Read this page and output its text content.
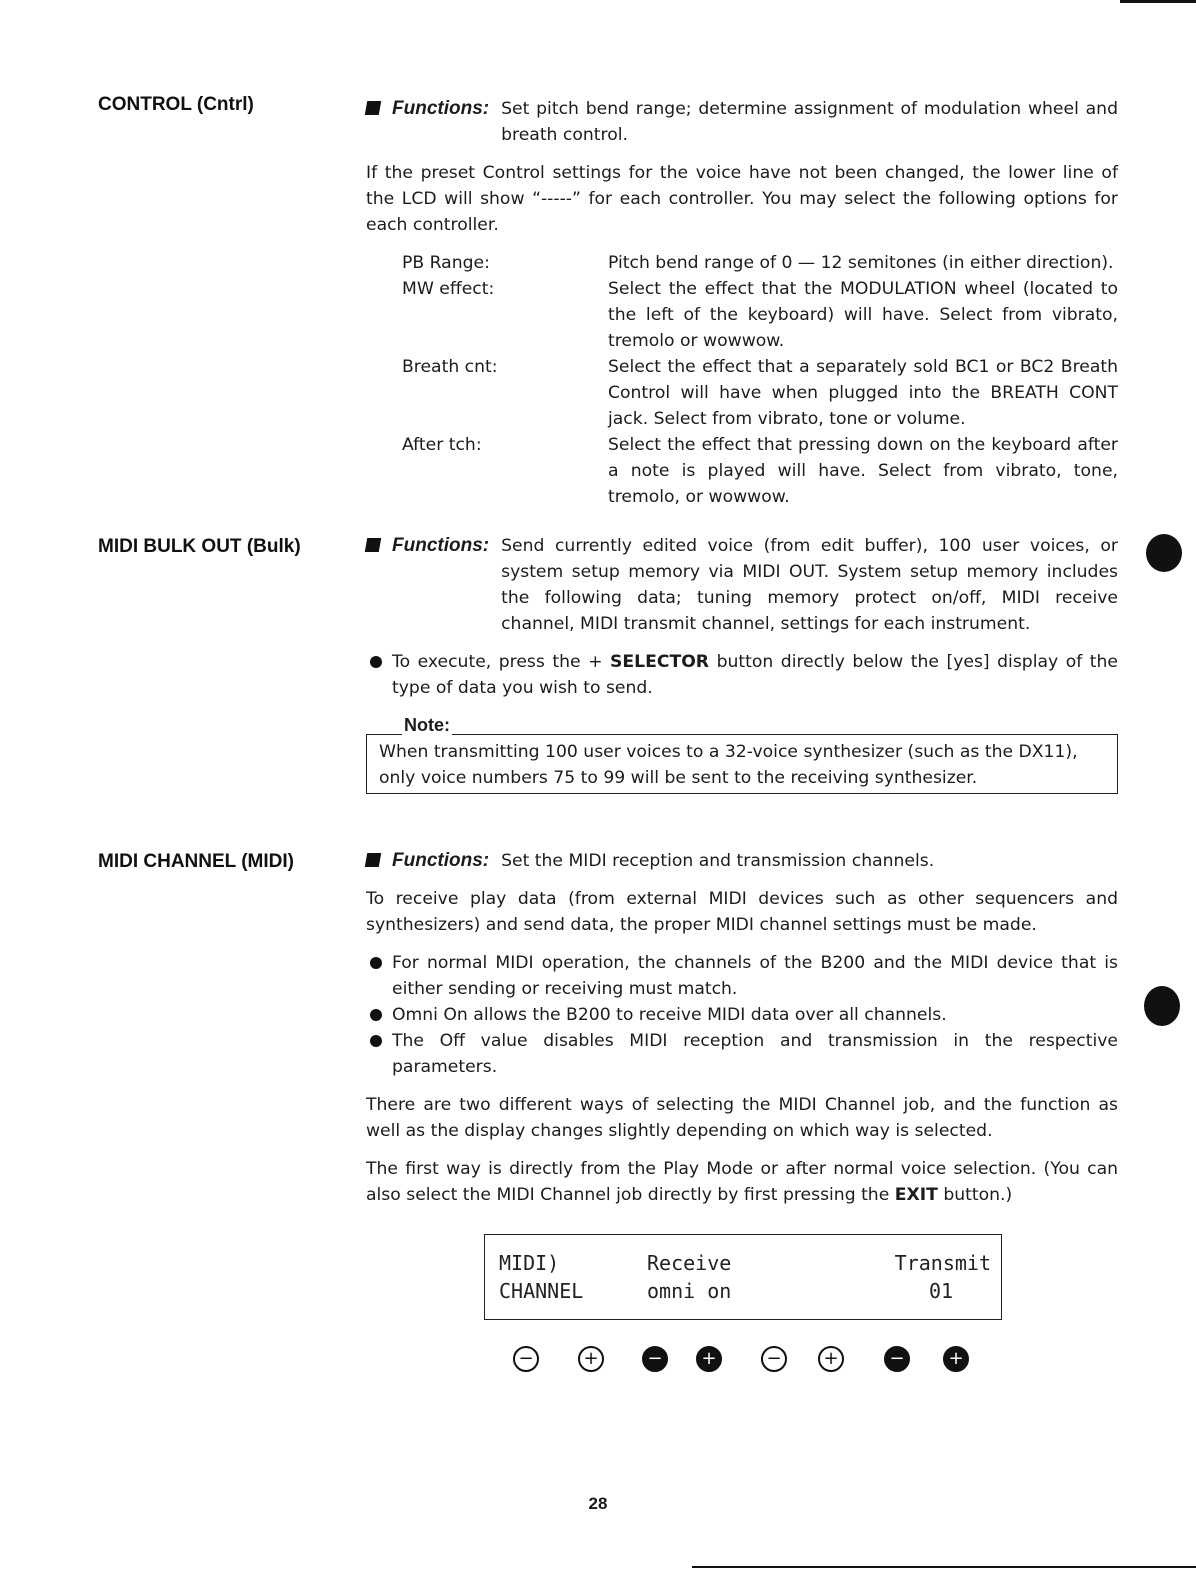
CONTROL (Cntrl)	Functions: Set pitch bend range; determine assignment of modulation wheel and breath control.

If the preset Control settings for the voice have not been changed, the lower line of the LCD will show “-----” for each controller. You may select the following options for each controller.

PB Range:	Pitch bend range of 0 — 12 semitones (in either direction).
MW effect:	Select the effect that the MODULATION wheel (located to the left of the keyboard) will have. Select from vibrato, tremolo or wowwow.
Breath cnt:	Select the effect that a separately sold BC1 or BC2 Breath Control will have when plugged into the BREATH CONT jack. Select from vibrato, tone or volume.
After tch:	Select the effect that pressing down on the keyboard after a note is played will have. Select from vibrato, tone, tremolo, or wowwow.
MIDI BULK OUT (Bulk)	Functions: Send currently edited voice (from edit buffer), 100 user voices, or system setup memory via MIDI OUT. System setup memory includes the following data; tuning memory protect on/off, MIDI receive channel, MIDI transmit channel, settings for each instrument.
To execute, press the + SELECTOR button directly below the [yes] display of the type of data you wish to send.
Note:
When transmitting 100 user voices to a 32-voice synthesizer (such as the DX11), only voice numbers 75 to 99 will be sent to the receiving synthesizer.
MIDI CHANNEL (MIDI)	Functions: Set the MIDI reception and transmission channels.

To receive play data (from external MIDI devices such as other sequencers and synthesizers) and send data, the proper MIDI channel settings must be made.

For normal MIDI operation, the channels of the B200 and the MIDI device that is either sending or receiving must match.
Omni On allows the B200 to receive MIDI data over all channels.
The Off value disables MIDI reception and transmission in the respective parameters.

There are two different ways of selecting the MIDI Channel job, and the function as well as the display changes slightly depending on which way is selected.

The first way is directly from the Play Mode or after normal voice selection. (You can also select the MIDI Channel job directly by first pressing the EXIT button.)

MIDI)	Receive	Transmit
CHANNEL	omni on	01
−	+	−	+	−	+	−	+
28
